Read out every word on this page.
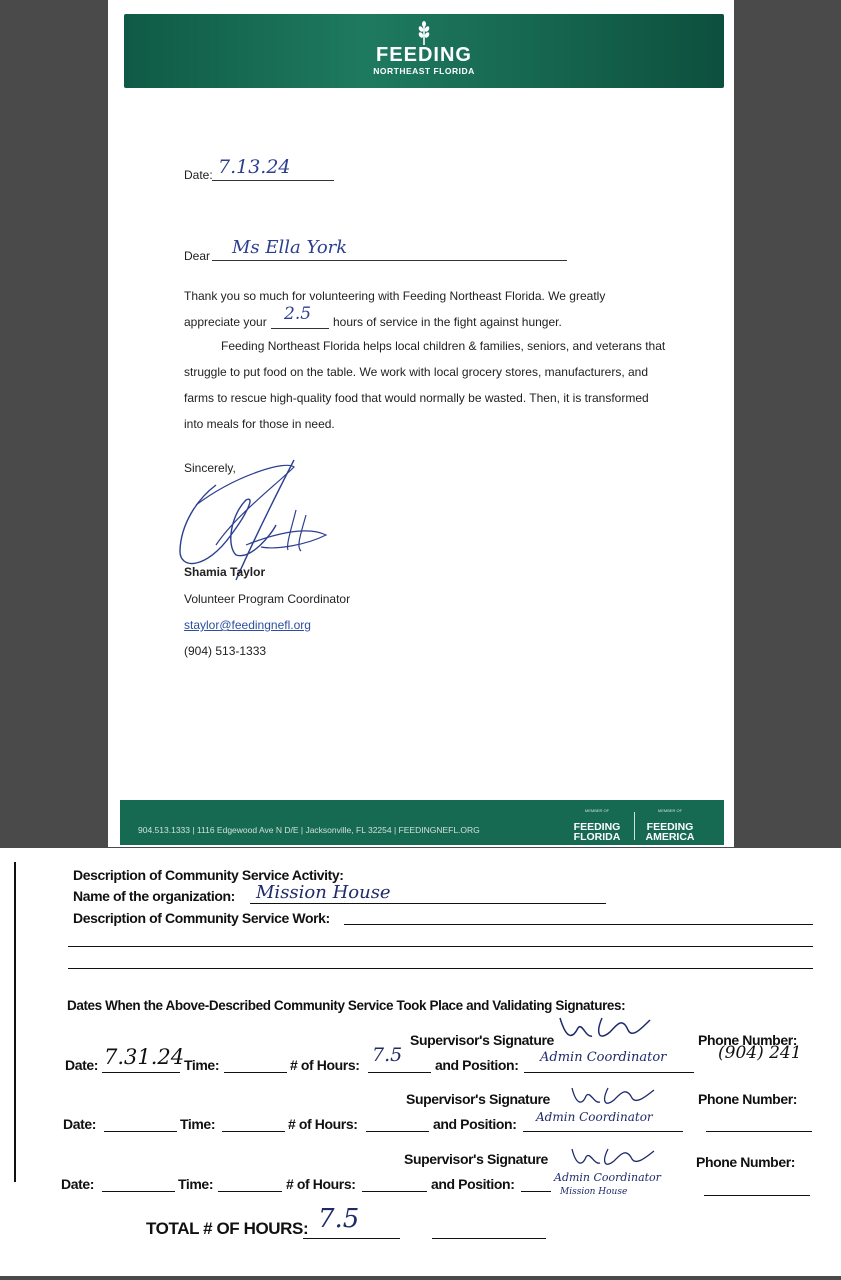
FEEDING
NORTHEAST FLORIDA
Date: 7.13.24
Dear Ms Ella York
Thank you so much for volunteering with Feeding Northeast Florida. We greatly
appreciate your 2.5 hours of service in the fight against hunger.
Feeding Northeast Florida helps local children & families, seniors, and veterans that
struggle to put food on the table. We work with local grocery stores, manufacturers, and
farms to rescue high-quality food that would normally be wasted. Then, it is transformed
into meals for those in need.
Sincerely,
Shamia Taylor
Volunteer Program Coordinator
staylor@feedingnefl.org
(904) 513-1333
904.513.1333 | 1116 Edgewood Ave N D/E | Jacksonville, FL 32254 | FEEDINGNEFL.ORG
MEMBER OF
FEEDING
FLORIDA
MEMBER OF
FEEDING
AMERICA
Description of Community Service Activity:
Name of the organization: Mission House
Description of Community Service Work:
Dates When the Above-Described Community Service Took Place and Validating Signatures:
Supervisor's Signature	Phone Number:
Date: 7.31.24 Time:	# of Hours: 7.5 and Position: Admin Coordinator	(904) 241
Supervisor's Signature	Phone Number:
Date:	Time:	# of Hours:	and Position: Admin Coordinator
Supervisor's Signature	Phone Number:
Date:	Time:	# of Hours:	and Position:	Admin Coordinator
Mission House
TOTAL # OF HOURS: 7.5
